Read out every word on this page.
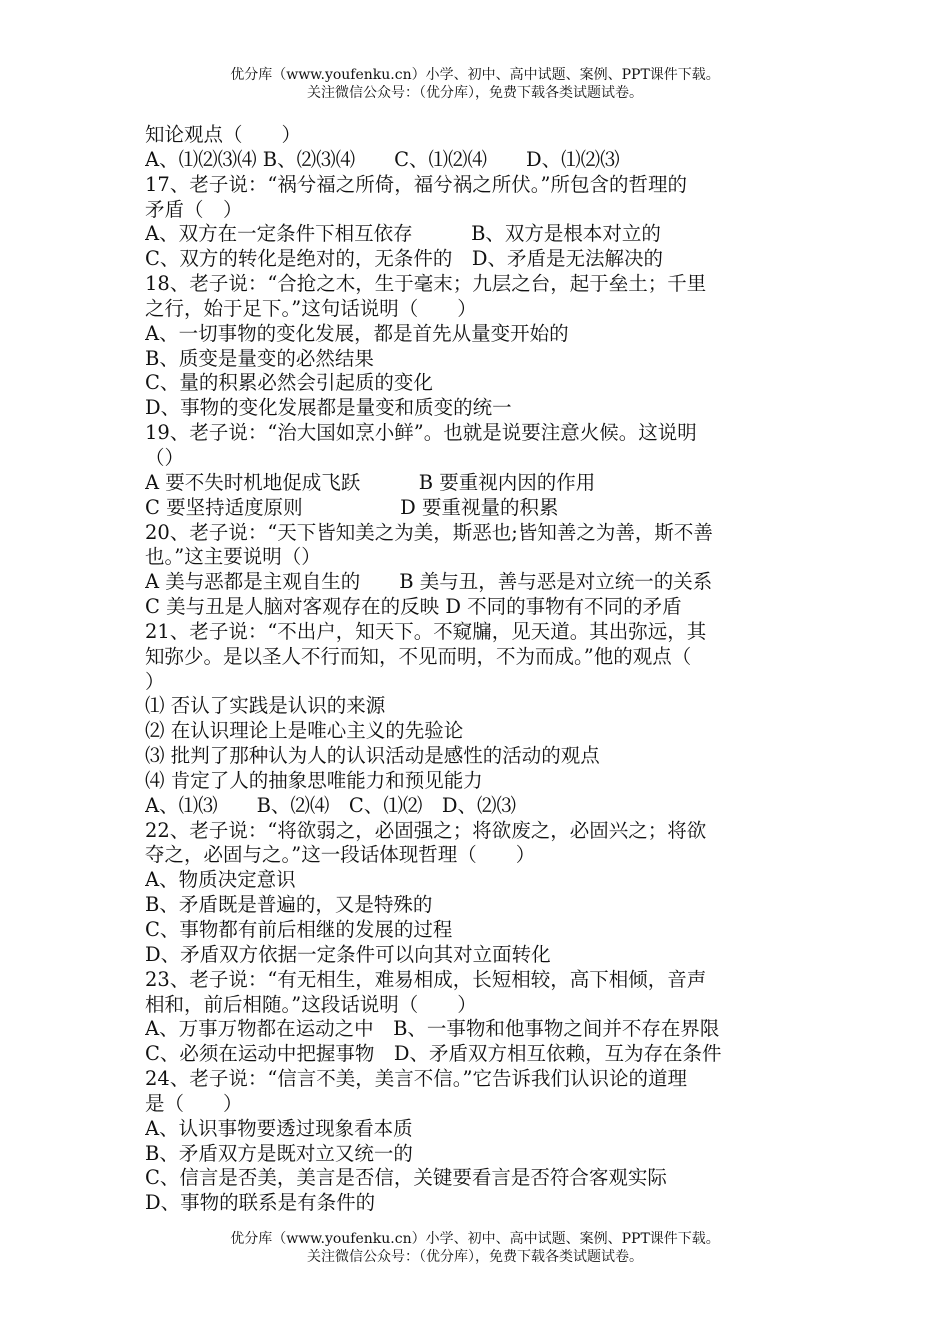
优分库（www.youfenku.cn）小学、初中、高中试题、案例、PPT课件下载。
关注微信公众号：（优分库），免费下载各类试题试卷。
知论观点（　　）
A、⑴⑵⑶⑷ B、⑵⑶⑷　　C、⑴⑵⑷　　D、⑴⑵⑶
17、老子说：“祸兮福之所倚，福兮祸之所伏。”所包含的哲理的
矛盾（　）
A、双方在一定条件下相互依存　　　B、双方是根本对立的
C、双方的转化是绝对的，无条件的　D、矛盾是无法解决的
18、老子说：“合抢之木，生于毫末；九层之台，起于垒土；千里
之行，始于足下。”这句话说明（　　）
A、一切事物的变化发展，都是首先从量变开始的
B、质变是量变的必然结果
C、量的积累必然会引起质的变化
D、事物的变化发展都是量变和质变的统一
19、老子说：“治大国如烹小鲜”。也就是说要注意火候。这说明
（）
A 要不失时机地促成飞跃　　　B 要重视内因的作用
C 要坚持适度原则　　　　　D 要重视量的积累
20、老子说：“天下皆知美之为美，斯恶也;皆知善之为善，斯不善
也。”这主要说明（）
A 美与恶都是主观自生的　　B 美与丑，善与恶是对立统一的关系
C 美与丑是人脑对客观存在的反映 D 不同的事物有不同的矛盾
21、老子说：“不出户，知天下。不窥牖，见天道。其出弥远，其
知弥少。是以圣人不行而知，不见而明，不为而成。”他的观点（
）
⑴ 否认了实践是认识的来源
⑵ 在认识理论上是唯心主义的先验论
⑶ 批判了那种认为人的认识活动是感性的活动的观点
⑷ 肯定了人的抽象思唯能力和预见能力
A、⑴⑶　　B、⑵⑷　C、⑴⑵　D、⑵⑶
22、老子说：“将欲弱之，必固强之；将欲废之，必固兴之；将欲
夺之，必固与之。”这一段话体现哲理（　　）
A、物质决定意识
B、矛盾既是普遍的，又是特殊的
C、事物都有前后相继的发展的过程
D、矛盾双方依据一定条件可以向其对立面转化
23、老子说：“有无相生，难易相成，长短相较，高下相倾，音声
相和，前后相随。”这段话说明（　　）
A、万事万物都在运动之中　B、一事物和他事物之间并不存在界限
C、必须在运动中把握事物　D、矛盾双方相互依赖，互为存在条件
24、老子说：“信言不美，美言不信。”它告诉我们认识论的道理
是（　　）
A、认识事物要透过现象看本质
B、矛盾双方是既对立又统一的
C、信言是否美，美言是否信，关键要看言是否符合客观实际
D、事物的联系是有条件的
优分库（www.youfenku.cn）小学、初中、高中试题、案例、PPT课件下载。
关注微信公众号：（优分库），免费下载各类试题试卷。
